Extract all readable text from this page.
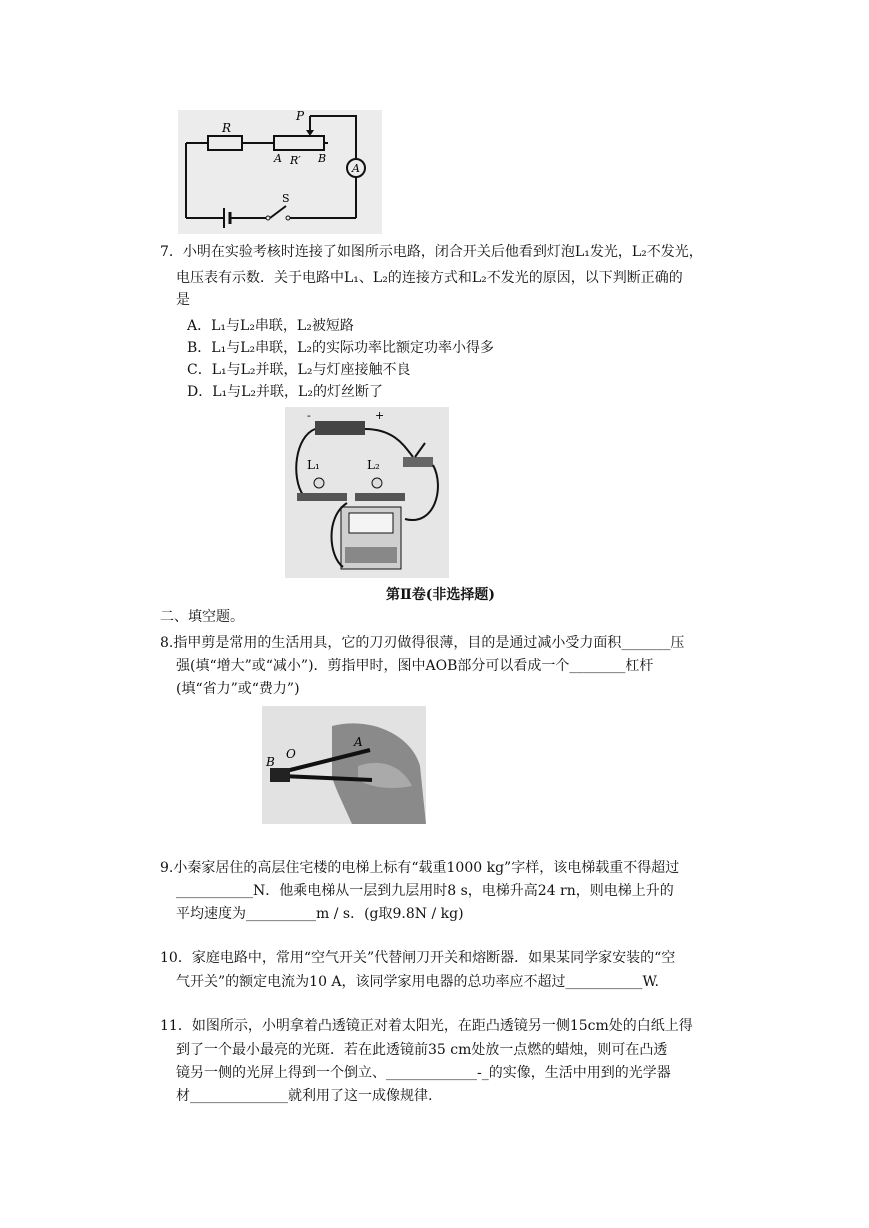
R
P
A R′ B
A
S
7．小明在实验考核时连接了如图所示电路，闭合开关后他看到灯泡L₁发光，L₂不发光，
电压表有示数．关于电路中L₁、L₂的连接方式和L₂不发光的原因，以下判断正确的
是
A．L₁与L₂串联，L₂被短路
B．L₁与L₂串联，L₂的实际功率比额定功率小得多
C．L₁与L₂并联，L₂与灯座接触不良
D．L₁与L₂并联，L₂的灯丝断了
-	+
L₁	L₂
第Ⅱ卷(非选择题)
二、填空题。
8.指甲剪是常用的生活用具，它的刀刃做得很薄，目的是通过减小受力面积_______压
强(填“增大”或“减小”)．剪指甲时，图中AOB部分可以看成一个________杠杆
(填“省力”或“费力”)
B
O
A
9.小秦家居住的高层住宅楼的电梯上标有“载重1000 kg”字样，该电梯载重不得超过
___________N．他乘电梯从一层到九层用时8 s，电梯升高24 rn，则电梯上升的
平均速度为__________m / s．(g取9.8N / kg)
10．家庭电路中，常用“空气开关”代替闸刀开关和熔断器．如果某同学家安装的“空
气开关”的额定电流为10 A，该同学家用电器的总功率应不超过___________W.
11．如图所示，小明拿着凸透镜正对着太阳光，在距凸透镜另一侧15cm处的白纸上得
到了一个最小最亮的光斑．若在此透镜前35 cm处放一点燃的蜡烛，则可在凸透
镜另一侧的光屏上得到一个倒立、_____________-_的实像，生活中用到的光学器
材______________就利用了这一成像规律.
